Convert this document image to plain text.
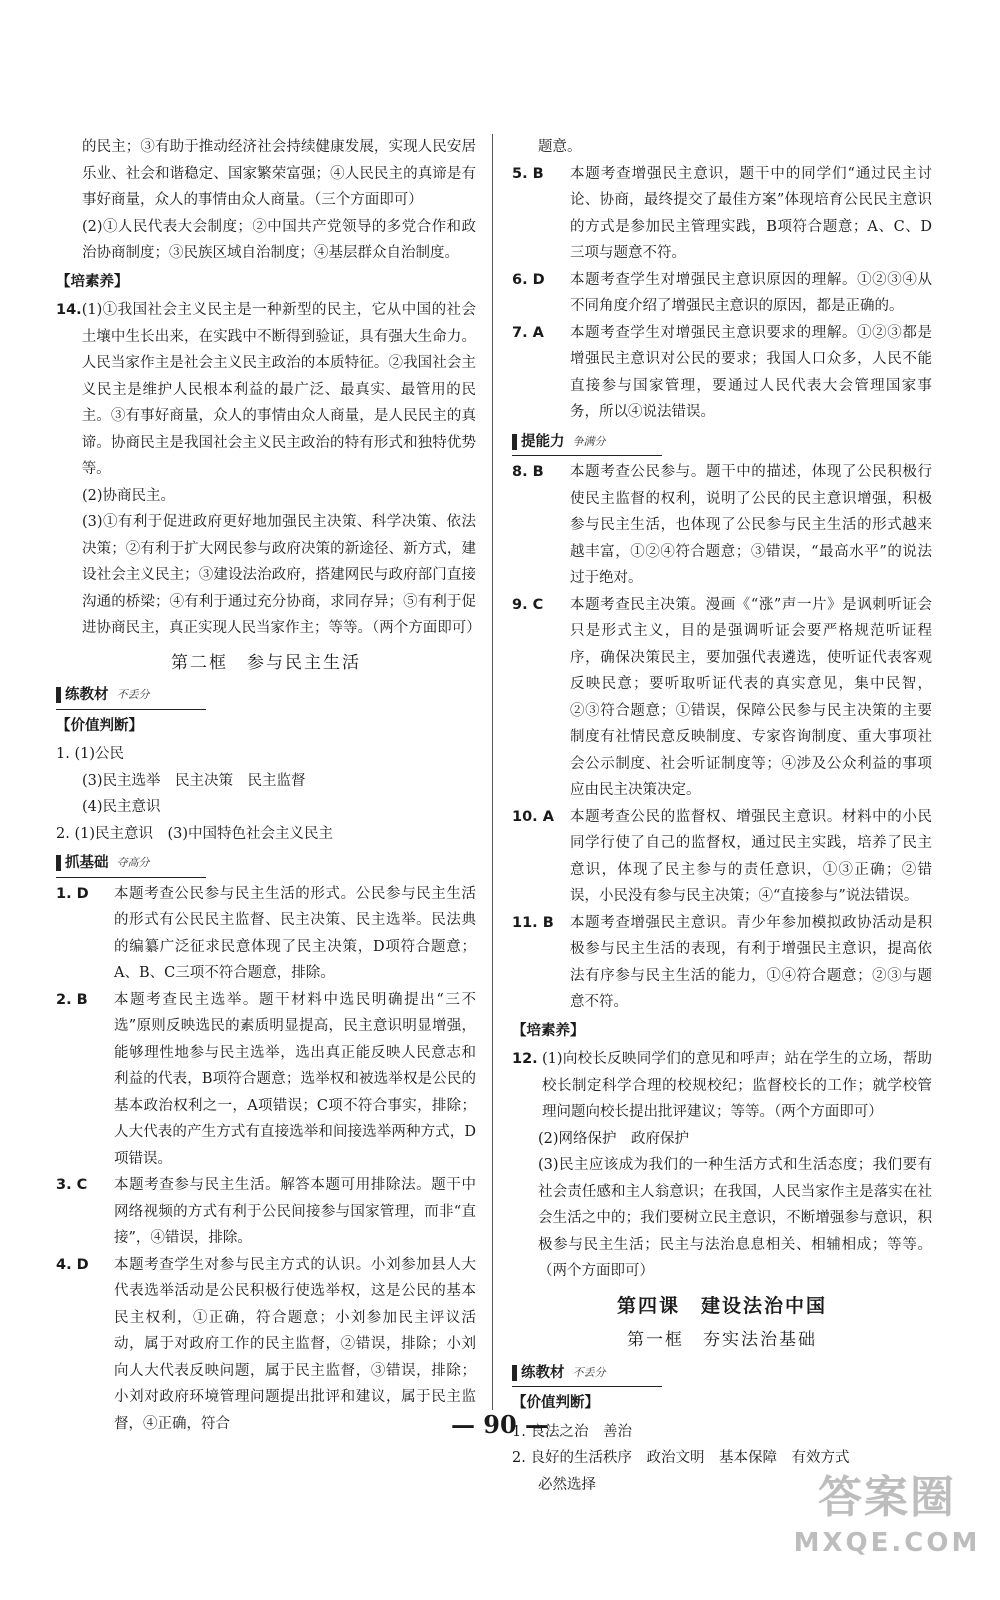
的民主；③有助于推动经济社会持续健康发展，实现人民安居乐业、社会和谐稳定、国家繁荣富强；④人民民主的真谛是有事好商量，众人的事情由众人商量。（三个方面即可）

(2)①人民代表大会制度；②中国共产党领导的多党合作和政治协商制度；③民族区域自治制度；④基层群众自治制度。

【培素养】
14. (1)①我国社会主义民主是一种新型的民主，它从中国的社会土壤中生长出来，在实践中不断得到验证，具有强大生命力。人民当家作主是社会主义民主政治的本质特征。②我国社会主义民主是维护人民根本利益的最广泛、最真实、最管用的民主。③有事好商量，众人的事情由众人商量，是人民民主的真谛。协商民主是我国社会主义民主政治的特有形式和独特优势等。

(2)协商民主。

(3)①有利于促进政府更好地加强民主决策、科学决策、依法决策；②有利于扩大网民参与政府决策的新途径、新方式，建设社会主义民主；③建设法治政府，搭建网民与政府部门直接沟通的桥梁；④有利于通过充分协商，求同存异；⑤有利于促进协商民主，真正实现人民当家作主；等等。（两个方面即可）

第二框　参与民主生活
练教材 不丢分
【价值判断】

1. (1)公民

(3)民主选举　民主决策　民主监督

(4)民主意识

2. (1)民主意识　(3)中国特色社会主义民主

抓基础 夺高分
1. D	本题考查公民参与民主生活的形式。公民参与民主生活的形式有公民民主监督、民主决策、民主选举。民法典的编纂广泛征求民意体现了民主决策，D项符合题意；A、B、C三项不符合题意，排除。
2. B	本题考查民主选举。题干材料中选民明确提出“三不选”原则反映选民的素质明显提高，民主意识明显增强，能够理性地参与民主选举，选出真正能反映人民意志和利益的代表，B项符合题意；选举权和被选举权是公民的基本政治权利之一，A项错误；C项不符合事实，排除；人大代表的产生方式有直接选举和间接选举两种方式，D项错误。
3. C	本题考查参与民主生活。解答本题可用排除法。题干中网络视频的方式有利于公民间接参与国家管理，而非“直接”，④错误，排除。
4. D	本题考查学生对参与民主方式的认识。小刘参加县人大代表选举活动是公民积极行使选举权，这是公民的基本民主权利，①正确，符合题意；小刘参加民主评议活动，属于对政府工作的民主监督，②错误，排除；小刘向人大代表反映问题，属于民主监督，③错误，排除；小刘对政府环境管理问题提出批评和建议，属于民主监督，④正确，符合

题意。

5. B	本题考查增强民主意识，题干中的同学们“通过民主讨论、协商，最终提交了最佳方案”体现培育公民民主意识的方式是参加民主管理实践，B项符合题意；A、C、D三项与题意不符。
6. D	本题考查学生对增强民主意识原因的理解。①②③④从不同角度介绍了增强民主意识的原因，都是正确的。
7. A	本题考查学生对增强民主意识要求的理解。①②③都是增强民主意识对公民的要求；我国人口众多，人民不能直接参与国家管理，要通过人民代表大会管理国家事务，所以④说法错误。
提能力 争满分
8. B	本题考查公民参与。题干中的描述，体现了公民积极行使民主监督的权利，说明了公民的民主意识增强，积极参与民主生活，也体现了公民参与民主生活的形式越来越丰富，①②④符合题意；③错误，“最高水平”的说法过于绝对。
9. C	本题考查民主决策。漫画《“涨”声一片》是讽刺听证会只是形式主义，目的是强调听证会要严格规范听证程序，确保决策民主，要加强代表遴选，使听证代表客观反映民意；要听取听证代表的真实意见，集中民智，②③符合题意；①错误，保障公民参与民主决策的主要制度有社情民意反映制度、专家咨询制度、重大事项社会公示制度、社会听证制度等；④涉及公众利益的事项应由民主决策决定。
10. A	本题考查公民的监督权、增强民主意识。材料中的小民同学行使了自己的监督权，通过民主实践，培养了民主意识，体现了民主参与的责任意识，①③正确；②错误，小民没有参与民主决策；④“直接参与”说法错误。
11. B	本题考查增强民主意识。青少年参加模拟政协活动是积极参与民主生活的表现，有利于增强民主意识，提高依法有序参与民主生活的能力，①④符合题意；②③与题意不符。
【培素养】
12. (1)向校长反映同学们的意见和呼声；站在学生的立场，帮助校长制定科学合理的校规校纪；监督校长的工作；就学校管理问题向校长提出批评建议；等等。（两个方面即可）

(2)网络保护　政府保护

(3)民主应该成为我们的一种生活方式和生活态度；我们要有社会责任感和主人翁意识；在我国，人民当家作主是落实在社会生活之中的；我们要树立民主意识，不断增强参与意识，积极参与民主生活；民主与法治息息相关、相辅相成；等等。（两个方面即可）

第四课　建设法治中国
第一框　夯实法治基础
练教材 不丢分
【价值判断】

1. 良法之治　善治

2. 良好的生活秩序　政治文明　基本保障　有效方式

必然选择

— 90 —
答案圈
MXQE.COM
